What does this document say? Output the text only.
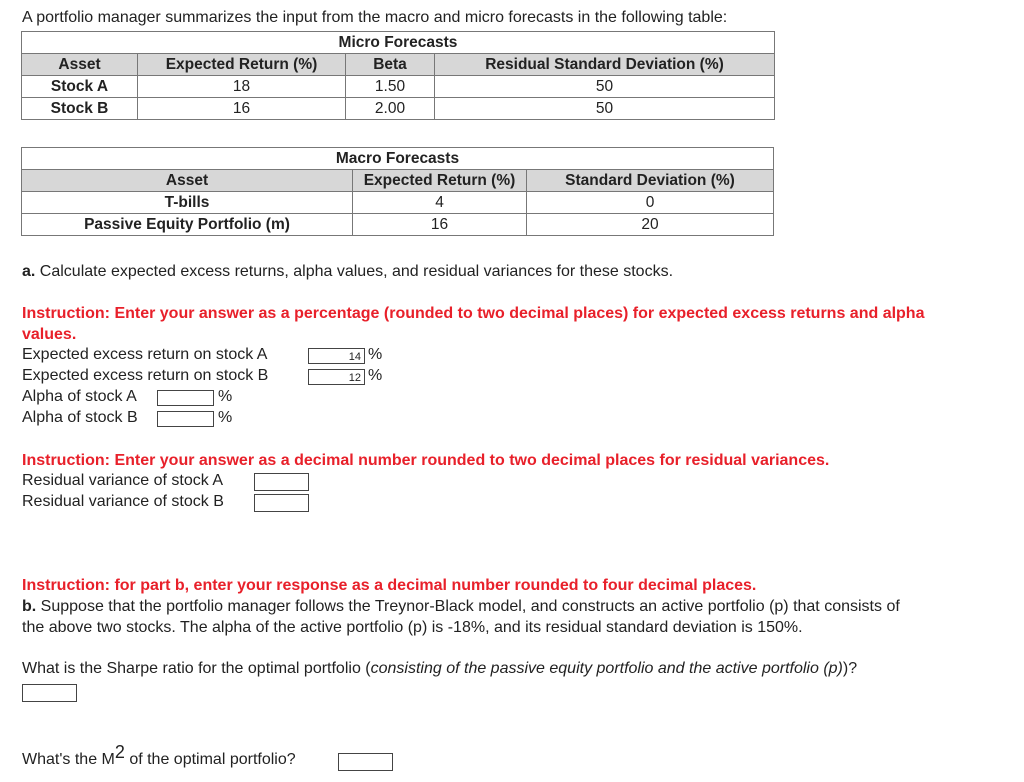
A portfolio manager summarizes the input from the macro and micro forecasts in the following table:
Micro Forecasts			
Asset	Expected Return (%)	Beta	Residual Standard Deviation (%)
Stock A	18	1.50	50
Stock B	16	2.00	50
Macro Forecasts		
Asset	Expected Return (%)	Standard Deviation (%)
T-bills	4	0
Passive Equity Portfolio (m)	16	20
a. Calculate expected excess returns, alpha values, and residual variances for these stocks.
Instruction: Enter your answer as a percentage (rounded to two decimal places) for expected excess returns and alpha
values.
Expected excess return on stock A	14 %
Expected excess return on stock B	12 %
Alpha of stock A	%
Alpha of stock B	%
Instruction: Enter your answer as a decimal number rounded to two decimal places for residual variances.
Residual variance of stock A
Residual variance of stock B
Instruction: for part b, enter your response as a decimal number rounded to four decimal places.
b. Suppose that the portfolio manager follows the Treynor-Black model, and constructs an active portfolio (p) that consists of
the above two stocks. The alpha of the active portfolio (p) is -18%, and its residual standard deviation is 150%.
What is the Sharpe ratio for the optimal portfolio (consisting of the passive equity portfolio and the active portfolio (p))?
What's the $M^2$ of the optimal portfolio?
